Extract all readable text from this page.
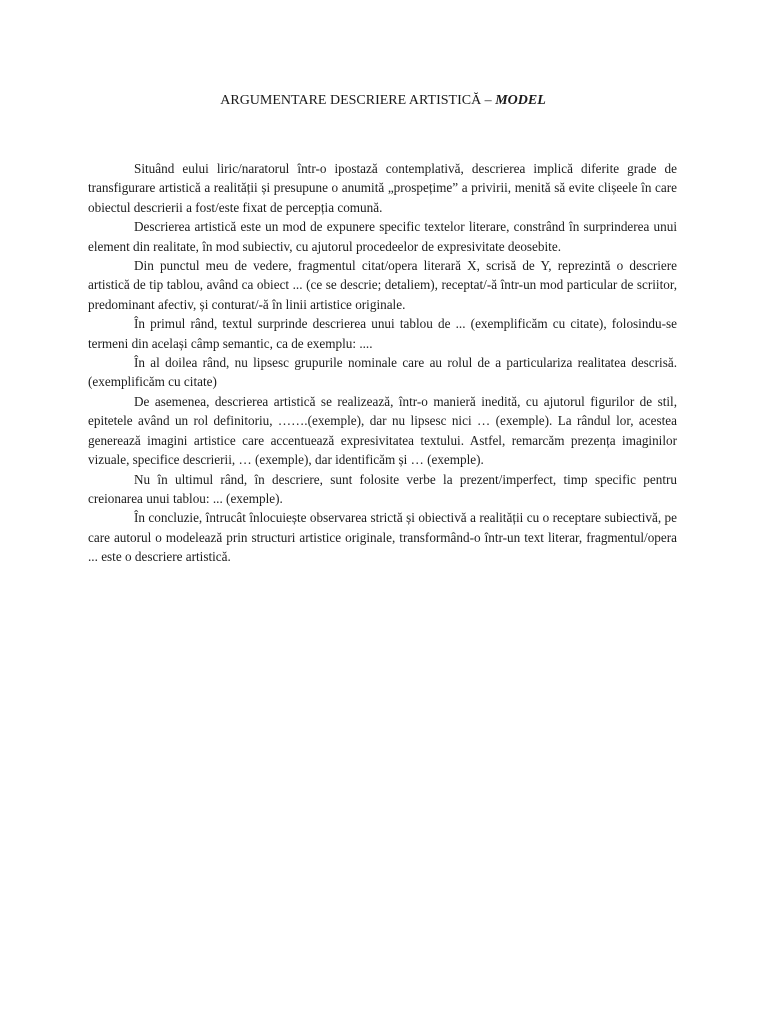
ARGUMENTARE DESCRIERE ARTISTICĂ – MODEL

Situând eului liric/naratorul într-o ipostază contemplativă, descrierea implică diferite grade de transfigurare artistică a realității și presupune o anumită „prospețime” a privirii, menită să evite clișeele în care obiectul descrierii a fost/este fixat de percepția comună.

Descrierea artistică este un mod de expunere specific textelor literare, constrând în surprinderea unui element din realitate, în mod subiectiv, cu ajutorul procedeelor de expresivitate deosebite.

Din punctul meu de vedere, fragmentul citat/opera literară X, scrisă de Y, reprezintă o descriere artistică de tip tablou, având ca obiect ... (ce se descrie; detaliem), receptat/-ă într-un mod particular de scriitor, predominant afectiv, și conturat/-ă în linii artistice originale.

În primul rând, textul surprinde descrierea unui tablou de ... (exemplificăm cu citate), folosindu-se termeni din același câmp semantic, ca de exemplu: ....

În al doilea rând, nu lipsesc grupurile nominale care au rolul de a particulariza realitatea descrisă. (exemplificăm cu citate)

De asemenea, descrierea artistică se realizează, într-o manieră inedită, cu ajutorul figurilor de stil, epitetele având un rol definitoriu, …….(exemple), dar nu lipsesc nici … (exemple). La rândul lor, acestea generează imagini artistice care accentuează expresivitatea textului. Astfel, remarcăm prezența imaginilor vizuale, specifice descrierii, … (exemple), dar identificăm și … (exemple).

Nu în ultimul rând, în descriere, sunt folosite verbe la prezent/imperfect, timp specific pentru creionarea unui tablou: ... (exemple).

În concluzie, întrucât înlocuiește observarea strictă și obiectivă a realității cu o receptare subiectivă, pe care autorul o modelează prin structuri artistice originale, transformând-o într-un text literar, fragmentul/opera ... este o descriere artistică.
